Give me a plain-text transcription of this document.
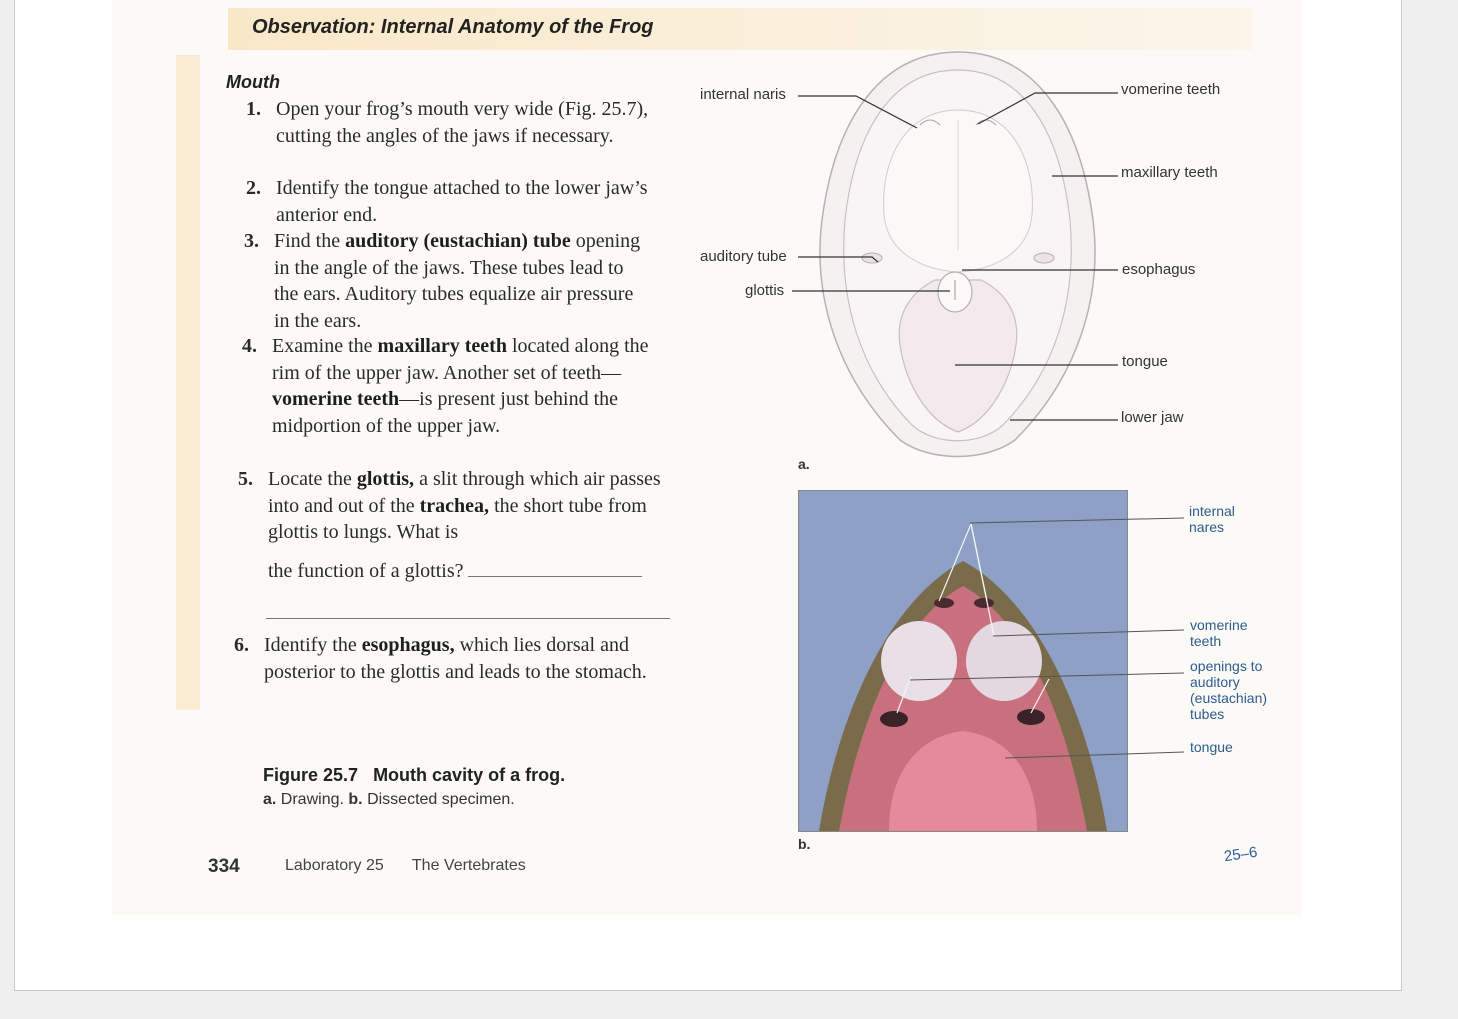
Observation: Internal Anatomy of the Frog
Mouth
1. Open your frog’s mouth very wide (Fig. 25.7), cutting the angles of the jaws if necessary.
2. Identify the tongue attached to the lower jaw’s anterior end.
3. Find the auditory (eustachian) tube opening in the angle of the jaws. These tubes lead to the ears. Auditory tubes equalize air pressure in the ears.
4. Examine the maxillary teeth located along the rim of the upper jaw. Another set of teeth—vomerine teeth—is present just behind the midportion of the upper jaw.
5. Locate the glottis, a slit through which air passes into and out of the trachea, the short tube from glottis to lungs. What is
the function of a glottis?
6. Identify the esophagus, which lies dorsal and posterior to the glottis and leads to the stomach.
Figure 25.7 Mouth cavity of a frog.
a. Drawing. b. Dissected specimen.
internal naris
auditory tube
glottis
vomerine teeth
maxillary teeth
esophagus
tongue
lower jaw
a.
internal nares
vomerine teeth
openings to auditory (eustachian) tubes
tongue
b.
334	Laboratory 25 The Vertebrates
25–6
